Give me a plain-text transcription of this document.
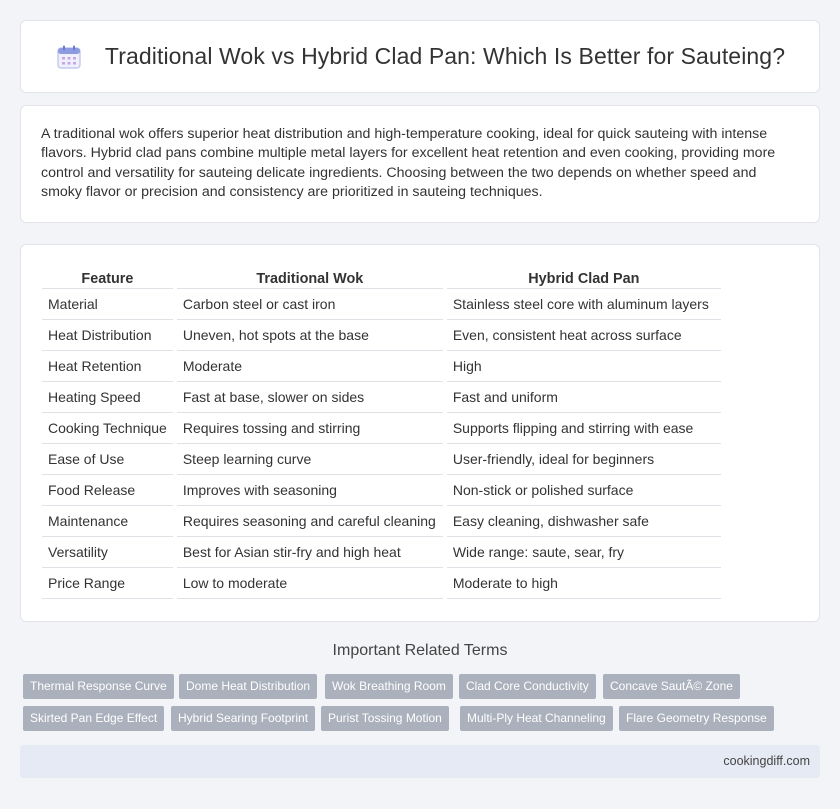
Traditional Wok vs Hybrid Clad Pan: Which Is Better for Sauteing?

A traditional wok offers superior heat distribution and high-temperature cooking, ideal for quick sauteing with intense flavors. Hybrid clad pans combine multiple metal layers for excellent heat retention and even cooking, providing more control and versatility for sauteing delicate ingredients. Choosing between the two depends on whether speed and smoky flavor or precision and consistency are prioritized in sauteing techniques.

Feature	Traditional Wok	Hybrid Clad Pan
Material	Carbon steel or cast iron	Stainless steel core with aluminum layers
Heat Distribution	Uneven, hot spots at the base	Even, consistent heat across surface
Heat Retention	Moderate	High
Heating Speed	Fast at base, slower on sides	Fast and uniform
Cooking Technique	Requires tossing and stirring	Supports flipping and stirring with ease
Ease of Use	Steep learning curve	User-friendly, ideal for beginners
Food Release	Improves with seasoning	Non-stick or polished surface
Maintenance	Requires seasoning and careful cleaning	Easy cleaning, dishwasher safe
Versatility	Best for Asian stir-fry and high heat	Wide range: saute, sear, fry
Price Range	Low to moderate	Moderate to high
Important Related Terms
Thermal Response Curve	Dome Heat Distribution	Wok Breathing Room	Clad Core Conductivity	Concave SautÃ© Zone
Skirted Pan Edge Effect	Hybrid Searing Footprint	Purist Tossing Motion	Multi-Ply Heat Channeling	Flare Geometry Response
cookingdiff.com
